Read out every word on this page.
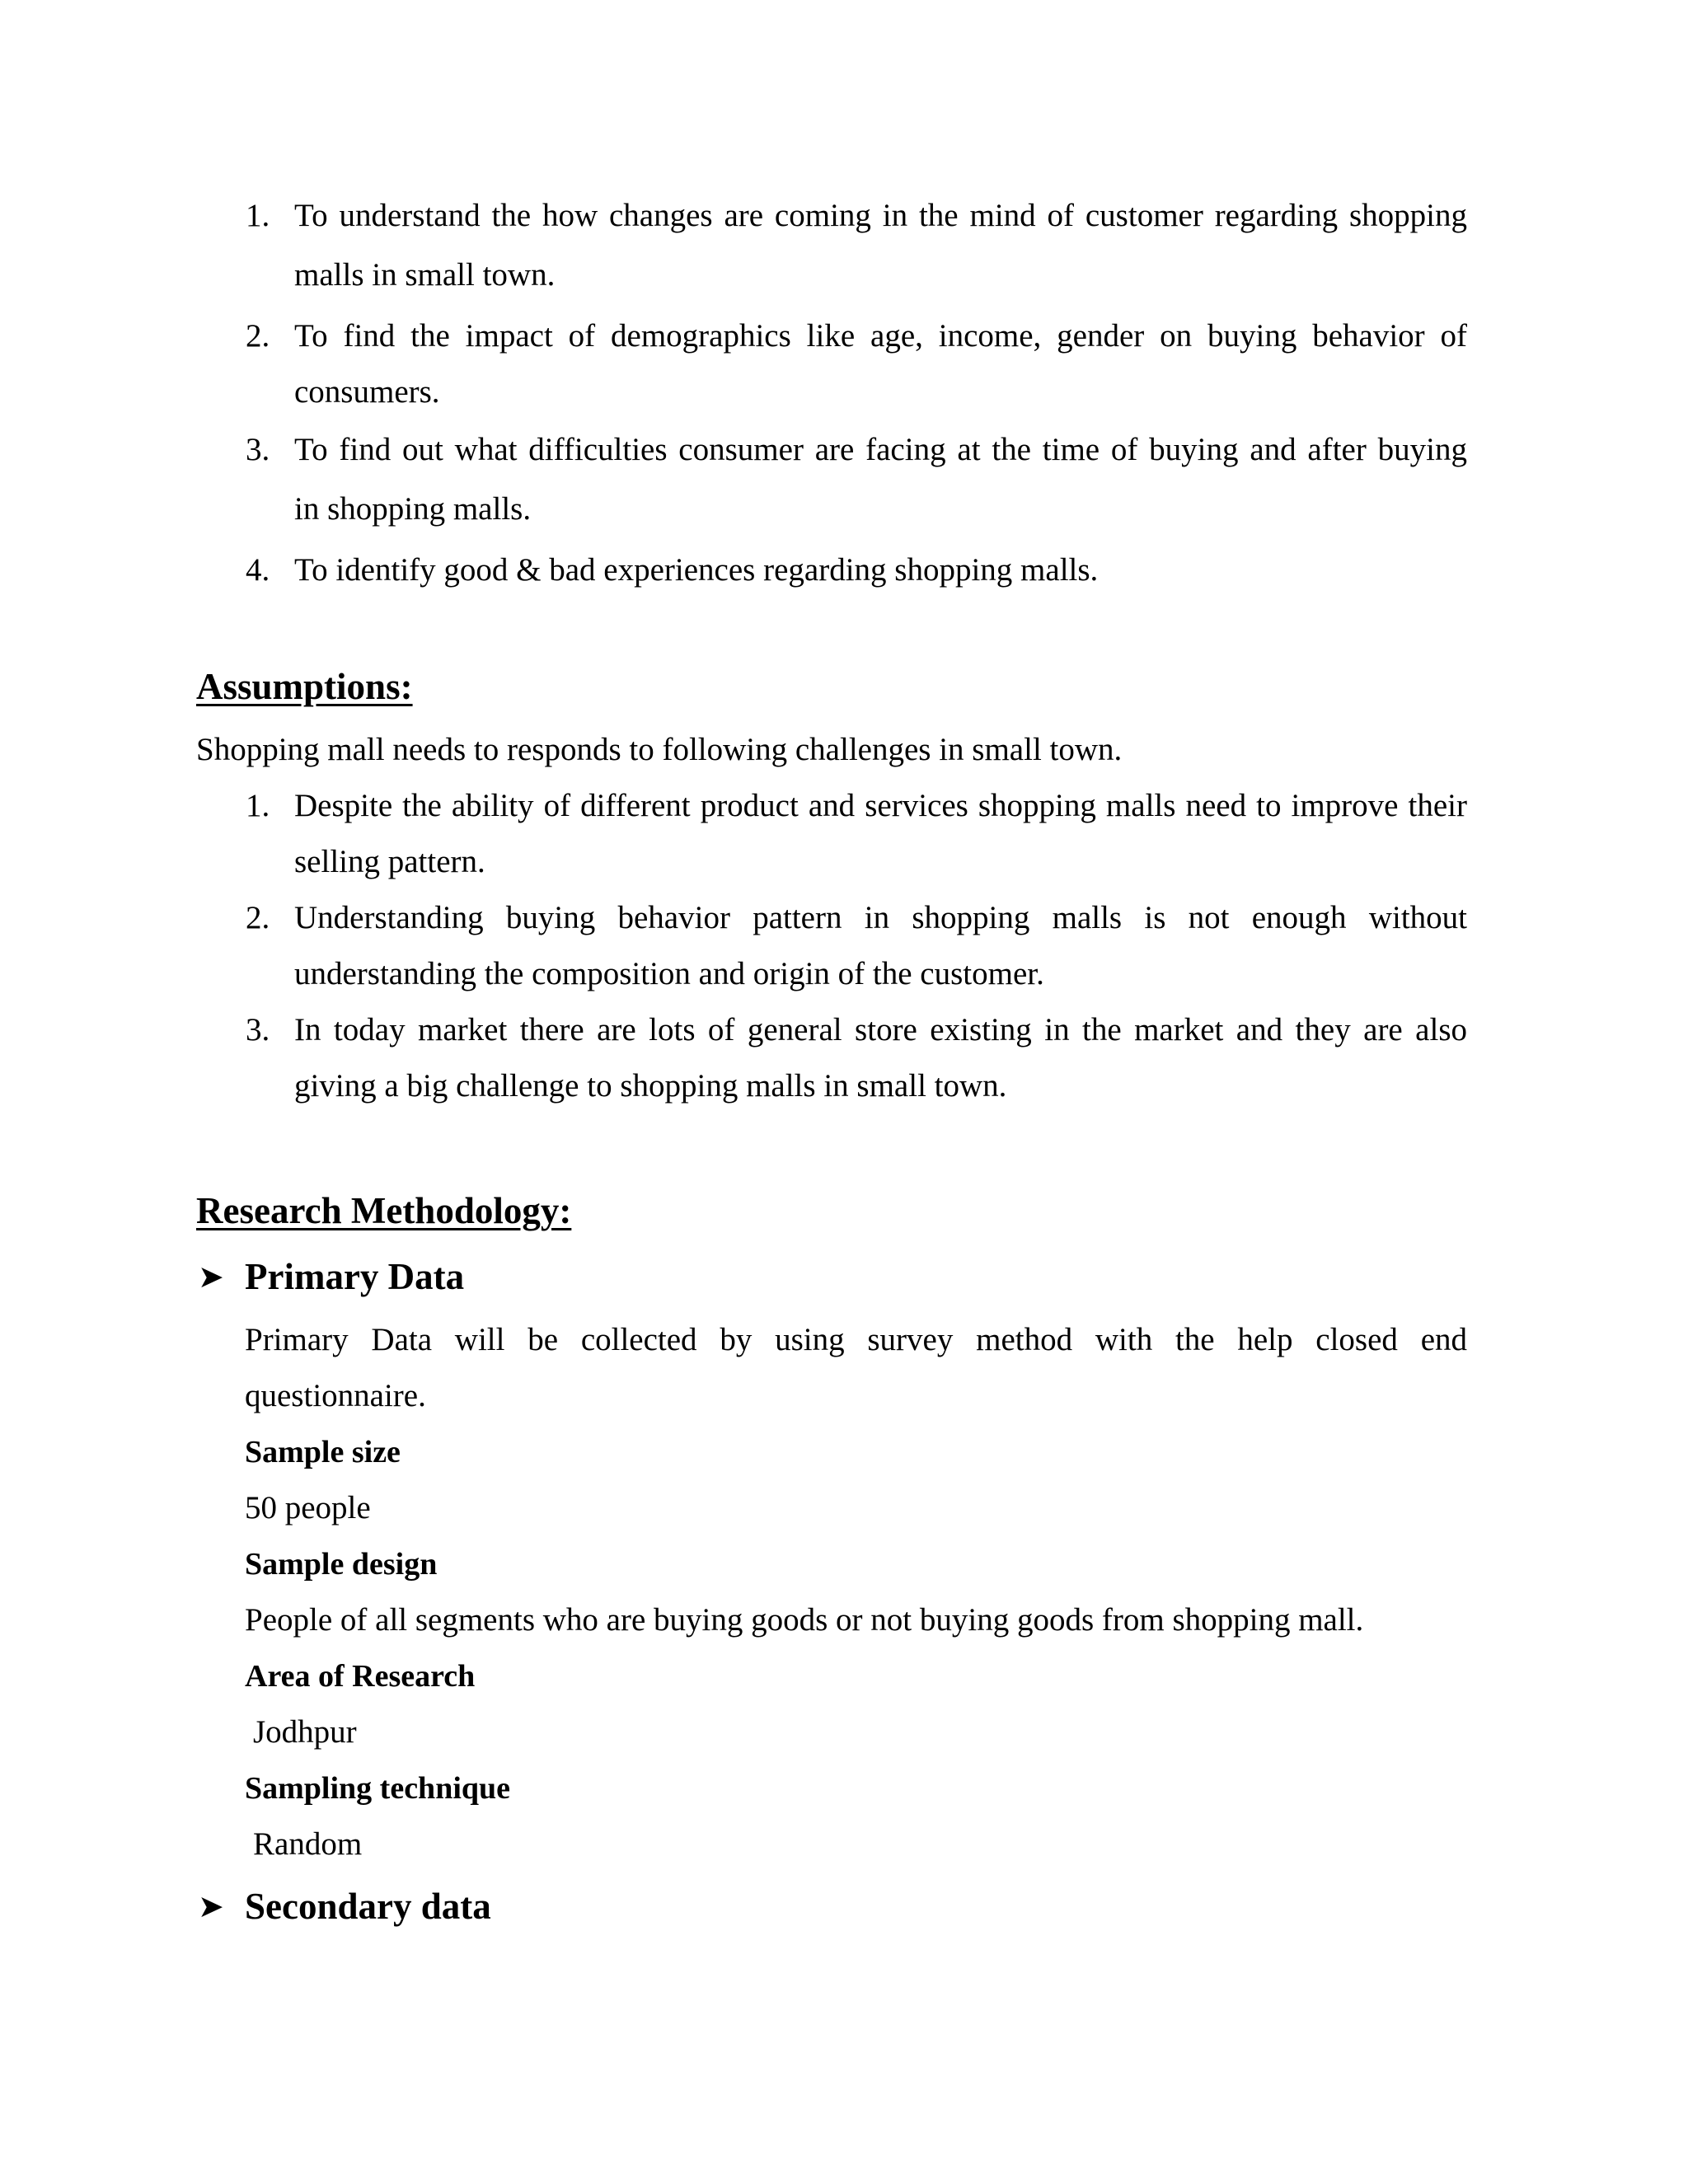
1. To understand the how changes are coming in the mind of customer regarding shopping
malls in small town.
2. To find the impact of demographics like age, income, gender on buying behavior of
consumers.
3. To find out what difficulties consumer are facing at the time of buying and after buying
in shopping malls.
4. To identify good & bad experiences regarding shopping malls.
Assumptions:
Shopping mall needs to responds to following challenges in small town.
1. Despite the ability of different product and services shopping malls need to improve their
selling pattern.
2. Understanding buying behavior pattern in shopping malls is not enough without
understanding the composition and origin of the customer.
3. In today market there are lots of general store existing in the market and they are also
giving a big challenge to shopping malls in small town.
Research Methodology:
➤ Primary Data
Primary Data will be collected by using survey method with the help closed end
questionnaire.
Sample size
50 people
Sample design
People of all segments who are buying goods or not buying goods from shopping mall.
Area of Research
Jodhpur
Sampling technique
Random
➤ Secondary data
